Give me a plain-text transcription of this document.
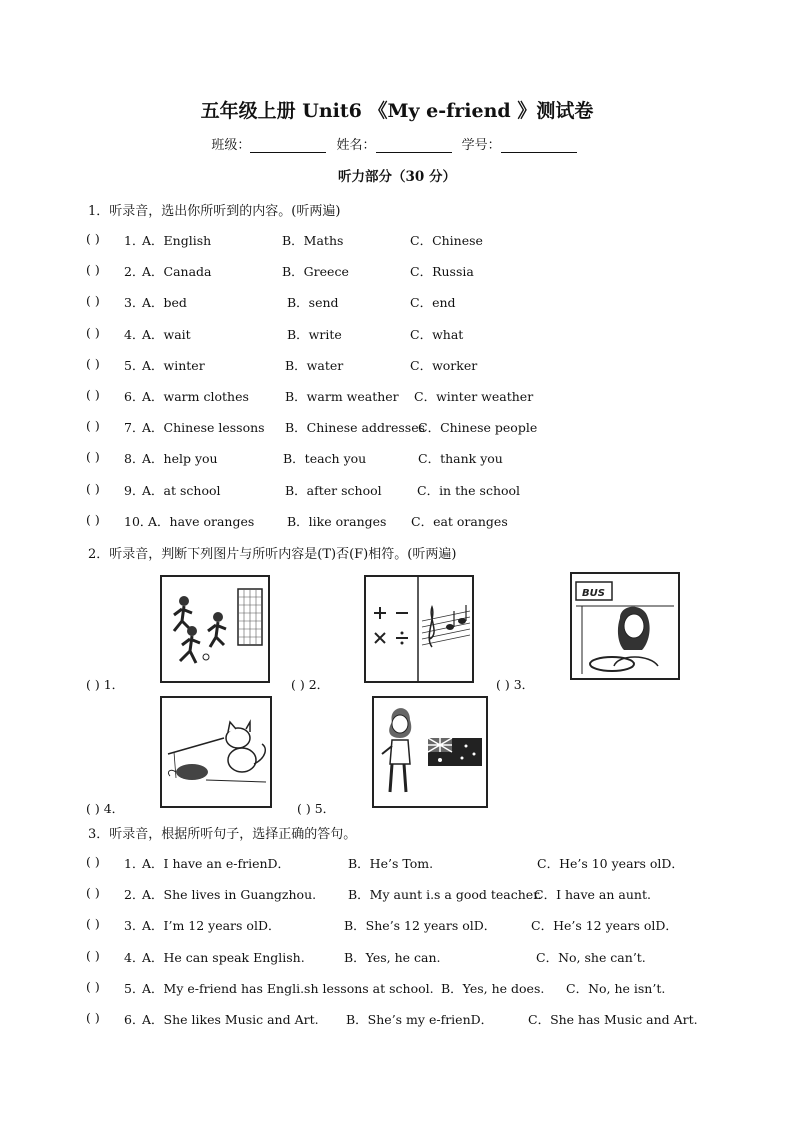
五年级上册 Unit6 《My e-friend 》测试卷
班级：	姓名：	学号：
听力部分（30 分）
1．听录音，选出你所听到的内容。(听两遍)
( ) 1．
A．English	B．Maths	C．Chinese
( ) 2．
A．Canada	B．Greece	C．Russia
( ) 3．
A．bed	B．send	C．end
( ) 4．
A．wait	B．write	C．what
( ) 5．
A．winter	B．water	C．worker
( ) 6．
A．warm clothes	B．warm weather C．winter weather
( ) 7．
A．Chinese lessons B．Chinese addresses
C．Chinese people
( ) 8．
A．help you	B．teach you	C．thank you
( ) 9．
A．at school	B．after school	C．in the school
( ) 10．
A．have oranges	B．like oranges C．eat oranges
2．听录音，判断下列图片与所听内容是(T)否(F)相符。(听两遍)
( ) 1．	( ) 2．
BUS
( ) 3．
( ) 4．	( ) 5．
3．听录音，根据所听句子，选择正确的答句。
( ) 1．
A．I have an e-frienD．	B．He’s Tom.	C．He’s 10 years olD．
( ) 2．
A．She lives in Guangzhou.	B．My aunt i.s a good teacher.
C．I have an aunt.
( ) 3．
A．I’m 12 years olD．	B．She’s 12 years olD．	C．He’s 12 years olD．
( ) 4．
A．He can speak English.	B．Yes, he can.	C．No, she can’t.
( ) 5．
A．My e-friend has Engli.sh lessons at school. B．Yes, he does. C．No, he isn’t.
( ) 6．
A．She likes Music and Art. B．She’s my e-frienD．	C．She has Music and Art.
